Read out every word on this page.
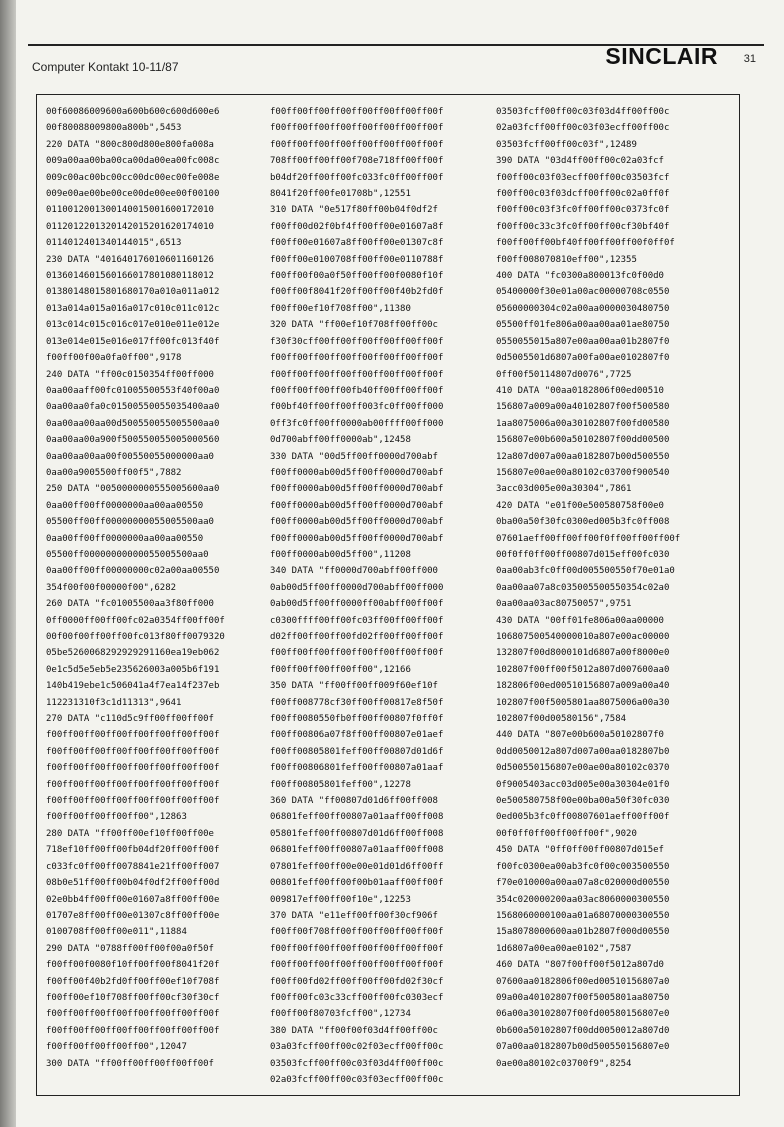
Computer Kontakt 10-11/87	SINCLAIR 31
00f60086009600a600b600c600d600e6
00f80088009800a800b",5453
220 DATA "800c800d800e800fa008a
009a00aa00ba00ca00da00ea00fc008c
009c00ac00bc00cc00dc00ec00fe008e
009e00ae00be00ce00de00ee00f00100
0110012001300140015001600172010
0112012201320142015201620174010
0114012401340144015",6513
230 DATA "401640176010601160126
0136014601560166017801080118012
01380148015801680170a010a011a012
013a014a015a016a017c010c011c012c
013c014c015c016c017e010e011e012e
013e014e015e016e017ff00fc013f40f
f00ff00f00a0fa0ff00",9178
240 DATA "ff00c0150354ff00ff000
0aa00aaff00fc01005500553f40f00a0
0aa00aa0fa0c01500550055035400aa0
0aa00aa00aa00d500550055005500aa0
0aa00aa00a900f500550055005000560
0aa00aa00aa00f00550055000000aa0
0aa00a9005500ff00f5",7882
250 DATA "0050000000555005600aa0
0aa00ff00ff0000000aa00aa00550
05500ff00ff00000000055005500aa0
0aa00ff00ff0000000aa00aa00550
05500ff00000000000055005500aa0
0aa00ff00ff00000000c02a00aa00550
354f00f00f00000f00",6282
260 DATA "fc01005500aa3f80ff000
0ff0000ff00ff00fc02a0354ff00ff00f
00f00f00ff00ff00fc013f80ff0079320
05be5260068292929291160ea19eb062
0e1c5d5e5eb5e235626003a005b6f191
140b419ebe1c506041a4f7ea14f237eb
112231310f3c1d11313",9641
270 DATA "c110d5c9ff00ff00ff00f
f00ff00ff00ff00ff00ff00ff00ff00f
f00ff00ff00ff00ff00ff00ff00ff00f
f00ff00ff00ff00ff00ff00ff00ff00f
f00ff00ff00ff00ff00ff00ff00ff00f
f00ff00ff00ff00ff00ff00ff00ff00f
f00ff00ff00ff00ff00",12863
280 DATA "ff00ff00ef10ff00ff00e
718ef10ff00ff00fb04df20ff00ff00f
c033fc0ff00ff0078841e21ff00ff007
08b0e51ff00ff00b04f0df2ff00ff00d
02e0bb4ff00ff00e01607a8ff00ff00e
01707e8ff00ff00e01307c8ff00ff00e
0100708ff00ff00e011",11884
290 DATA "0788ff00ff00f00a0f50f
f00ff00f0080f10ff00ff00f8041f20f
f00ff00f40b2fd0ff00ff00ef10f708f
f00ff00ef10f708ff00ff00cf30f30cf
f00ff00ff00ff00ff00ff00ff00ff00f
f00ff00ff00ff00ff00ff00ff00ff00f
f00ff00ff00ff00ff00",12047
300 DATA "ff00ff00ff00ff00ff00f
f00ff00ff00ff00ff00ff00ff00ff00f
f00ff00ff00ff00ff00ff00ff00ff00f
f00ff00ff00ff00ff00ff00ff00ff00f
708ff00ff00ff00f708e718ff00ff00f
b04df20ff00ff00fc033fc0ff00ff00f
8041f20ff00fe01708b",12551
310 DATA "0e517f80ff00b04f0df2f
f00ff00d02f0bf4ff00ff00e01607a8f
f00ff00e01607a8ff00ff00e01307c8f
f00ff00e0100708ff00ff00e0110788f
f00ff00f00a0f50ff00ff00f0080f10f
f00ff00f8041f20ff00ff00f40b2fd0f
f00ff00ef10f708ff00",11380
320 DATA "ff00ef10f708ff00ff00c
f30f30cff00ff00ff00ff00ff00ff00f
f00ff00ff00ff00ff00ff00ff00ff00f
f00ff00ff00ff00ff00ff00ff00ff00f
f00ff00ff00ff00fb40ff00ff00ff00f
f00bf40ff00ff00ff003fc0ff00ff000
0ff3fc0ff00ff0000ab00ffff00ff000
0d700abff00ff0000ab",12458
330 DATA "00d5ff00ff0000d700abf
f00ff0000ab00d5ff00ff0000d700abf
f00ff0000ab00d5ff00ff0000d700abf
f00ff0000ab00d5ff00ff0000d700abf
f00ff0000ab00d5ff00ff0000d700abf
f00ff0000ab00d5ff00ff0000d700abf
f00ff0000ab00d5ff00",11208
340 DATA "ff0000d700abff00ff000
0ab00d5ff00ff0000d700abff00ff000
0ab00d5ff00ff0000ff00abff00ff00f
c0300ffff00ff00fc03ff00ff00ff00f
d02ff00ff00ff00fd02ff00ff00ff00f
f00ff00ff00ff00ff00ff00ff00ff00f
f00ff00ff00ff00ff00",12166
350 DATA "ff00ff00ff009f60ef10f
f00ff008778cf30ff00ff00817e8f50f
f00ff0080550fb0ff00ff00807f0ff0f
f00ff00806a07f8ff00ff00807e01aef
f00ff00805801feff00ff00807d01d6f
f00ff00806801feff00ff00807a01aaf
f00ff00805801feff00",12278
360 DATA "ff00807d01d6ff00ff008
06801feff00ff00807a01aaff00ff008
05801feff00ff00807d01d6ff00ff008
06801feff00ff00807a01aaff00ff008
07801feff00ff00e00e01d01d6ff00ff
00801feff00ff00f00b01aaff00ff00f
009817eff00ff00f10e",12253
370 DATA "e11eff00ff00f30cf906f
f00ff00f708ff00ff00ff00ff00ff00f
f00ff00ff00ff00ff00ff00ff00ff00f
f00ff00ff00ff00ff00ff00ff00ff00f
f00ff00fd02ff00ff00ff00fd02f30cf
f00ff00fc03c33cff00ff00fc0303ecf
f00ff00f80703fcff00",12734
380 DATA "ff00f00f03d4ff00ff00c
03a03fcff00ff00c02f03ecff00ff00c
03503fcff00ff00c03f03d4ff00ff00c
02a03fcff00ff00c03f03ecff00ff00c
03503fcff00ff00c03f03d4ff00ff00c
02a03fcff00ff00c03f03ecff00ff00c
03503fcff00ff00c03f",12489
390 DATA "03d4ff00ff00c02a03fcf
f00ff00c03f03ecff00ff00c03503fcf
f00ff00c03f03dcff00ff00c02a0ff0f
f00ff00c03f3fc0ff00ff00c0373fc0f
f00ff00c33c3fc0ff00ff00cf30bf40f
f00ff00ff00bf40ff00ff00ff00f0ff0f
f00ff008070810eff00",12355
400 DATA "fc0300a800013fc0f00d0
05400000f30e01a00ac00000708c0550
05600000304c02a00aa0000030480750
05500ff01fe806a00aa00aa01ae80750
0550055015a807e00aa00aa01b2807f0
0d5005501d6807a00fa00ae0102807f0
0ff00f50114807d0076",7725
410 DATA "00aa0182806f00ed00510
156807a009a00a40102807f00f500580
1aa8075006a00a30102807f00fd00580
156807e00b600a50102807f00dd00500
12a807d007a00aa0182807b00d500550
156807e00ae00a80102c03700f900540
3acc03d005e00a30304",7861
420 DATA "e01f00e500580758f00e0
0ba00a50f30fc0300ed005b3fc0ff008
07601aeff00ff00ff00f0ff00ff00ff00f
00f0ff0ff00ff00807d015eff00fc030
0aa00ab3fc0ff00d005500550f70e01a0
0aa00aa07a8c035005500550354c02a0
0aa00aa03ac80750057",9751
430 DATA "00ff01fe806a00aa00000
106807500540000010a807e00ac00000
132807f00d8000101d6807a00f8000e0
102807f00ff00f5012a807d007600aa0
182806f00ed00510156807a009a00a40
102807f00f5005801aa8075006a00a30
102807f00d00580156",7584
440 DATA "807e00b600a50102807f0
0dd0050012a807d007a00aa0182807b0
0d500550156807e00ae00a80102c0370
0f9005403acc03d005e00a30304e01f0
0e500580758f00e00ba00a50f30fc030
0ed005b3fc0ff00807601aeff00ff00f
00f0ff0ff00ff00ff00f",9020
450 DATA "0ff0ff00ff00807d015ef
f00fc0300ea00ab3fc0f00c003500550
f70e010000a00aa07a8c020000d00550
354c020000200aa03ac8060000300550
1568060000100aa01a68070000300550
15a8078000600aa01b2807f000d00550
1d6807a00ea00ae0102",7587
460 DATA "807f00ff00f5012a807d0
07600aa0182806f00ed00510156807a0
09a00a40102807f00f5005801aa80750
06a00a30102807f00fd00580156807e0
0b600a50102807f00dd0050012a807d0
07a00aa0182807b00d500550156807e0
0ae00a80102c03700f9",8254
